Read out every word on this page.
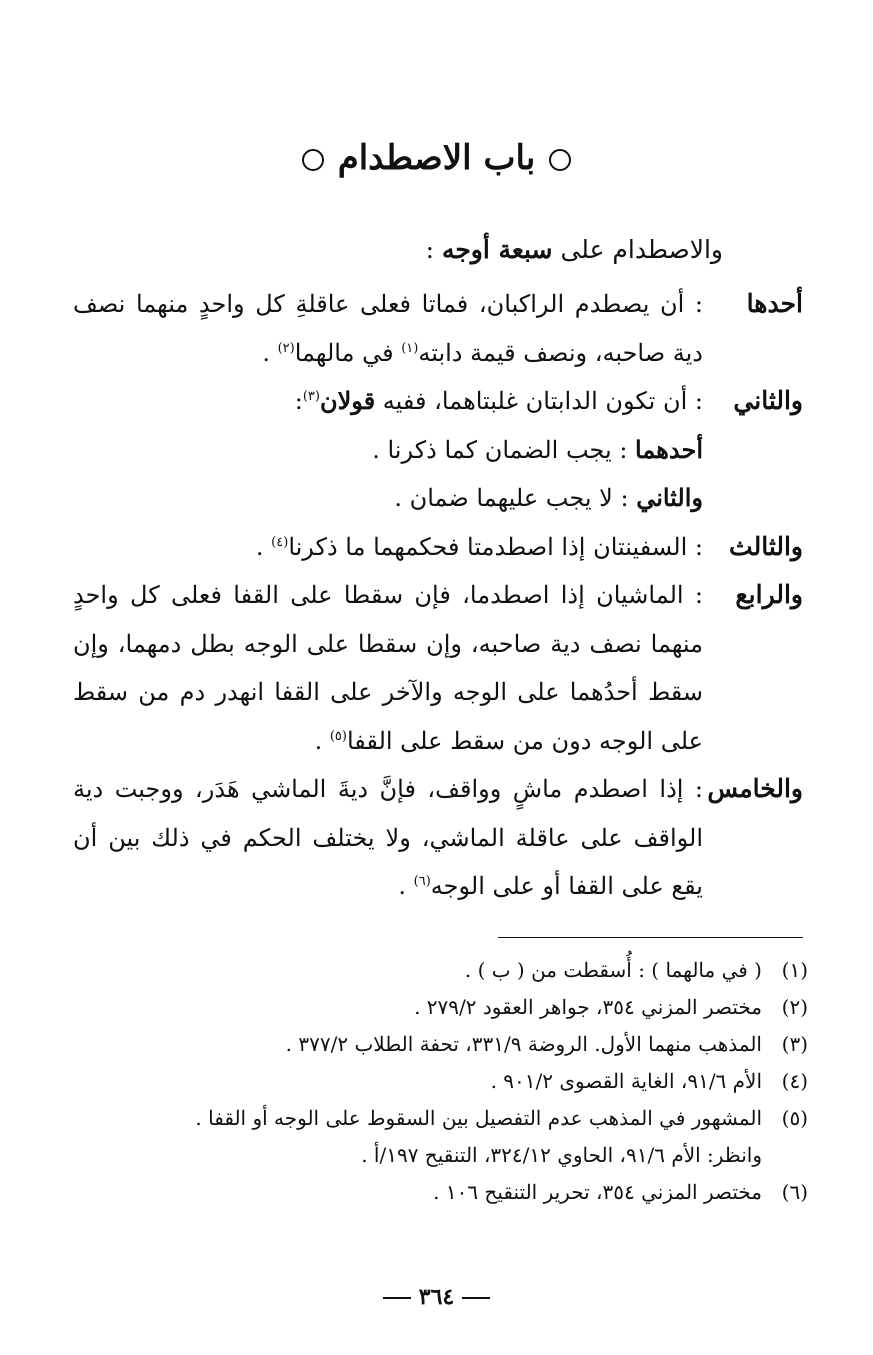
باب الاصطدام
والاصطدام على سبعة أوجه :
أحدها
: أن يصطدم الراكبان، فماتا فعلى عاقلةِ كل واحدٍ منهما نصف دية صاحبه، ونصف قيمة دابته$^{(١)}$ في مالهما$^{(٢)}$ .
والثاني
: أن تكون الدابتان غلبتاهما، ففيه قولان$^{(٣)}$:
أحدهما : يجب الضمان كما ذكرنا .
والثاني : لا يجب عليهما ضمان .
والثالث
: السفينتان إذا اصطدمتا فحكمهما ما ذكرنا$^{(٤)}$ .
والرابع
: الماشيان إذا اصطدما، فإن سقطا على القفا فعلى كل واحدٍ منهما نصف دية صاحبه، وإن سقطا على الوجه بطل دمهما، وإن سقط أحدُهما على الوجه والآخر على القفا انهدر دم من سقط على الوجه دون من سقط على القفا$^{(٥)}$ .
والخامس
: إذا اصطدم ماشٍ وواقف، فإنَّ ديةَ الماشي هَدَر، ووجبت دية الواقف على عاقلة الماشي، ولا يختلف الحكم في ذلك بين أن يقع على القفا أو على الوجه$^{(٦)}$ .
(١)
( في مالهما ) : أُسقطت من ( ب ) .
(٢)
مختصر المزني ٣٥٤، جواهر العقود ٢٧٩/٢ .
(٣)
المذهب منهما الأول. الروضة ٣٣١/٩، تحفة الطلاب ٣٧٧/٢ .
(٤)
الأم ٩١/٦، الغاية القصوى ٩٠١/٢ .
(٥)
المشهور في المذهب عدم التفصيل بين السقوط على الوجه أو القفا .
وانظر: الأم ٩١/٦، الحاوي ٣٢٤/١٢، التنقيح ١٩٧/أ .
(٦)
مختصر المزني ٣٥٤، تحرير التنقيح ١٠٦ .
٣٦٤
